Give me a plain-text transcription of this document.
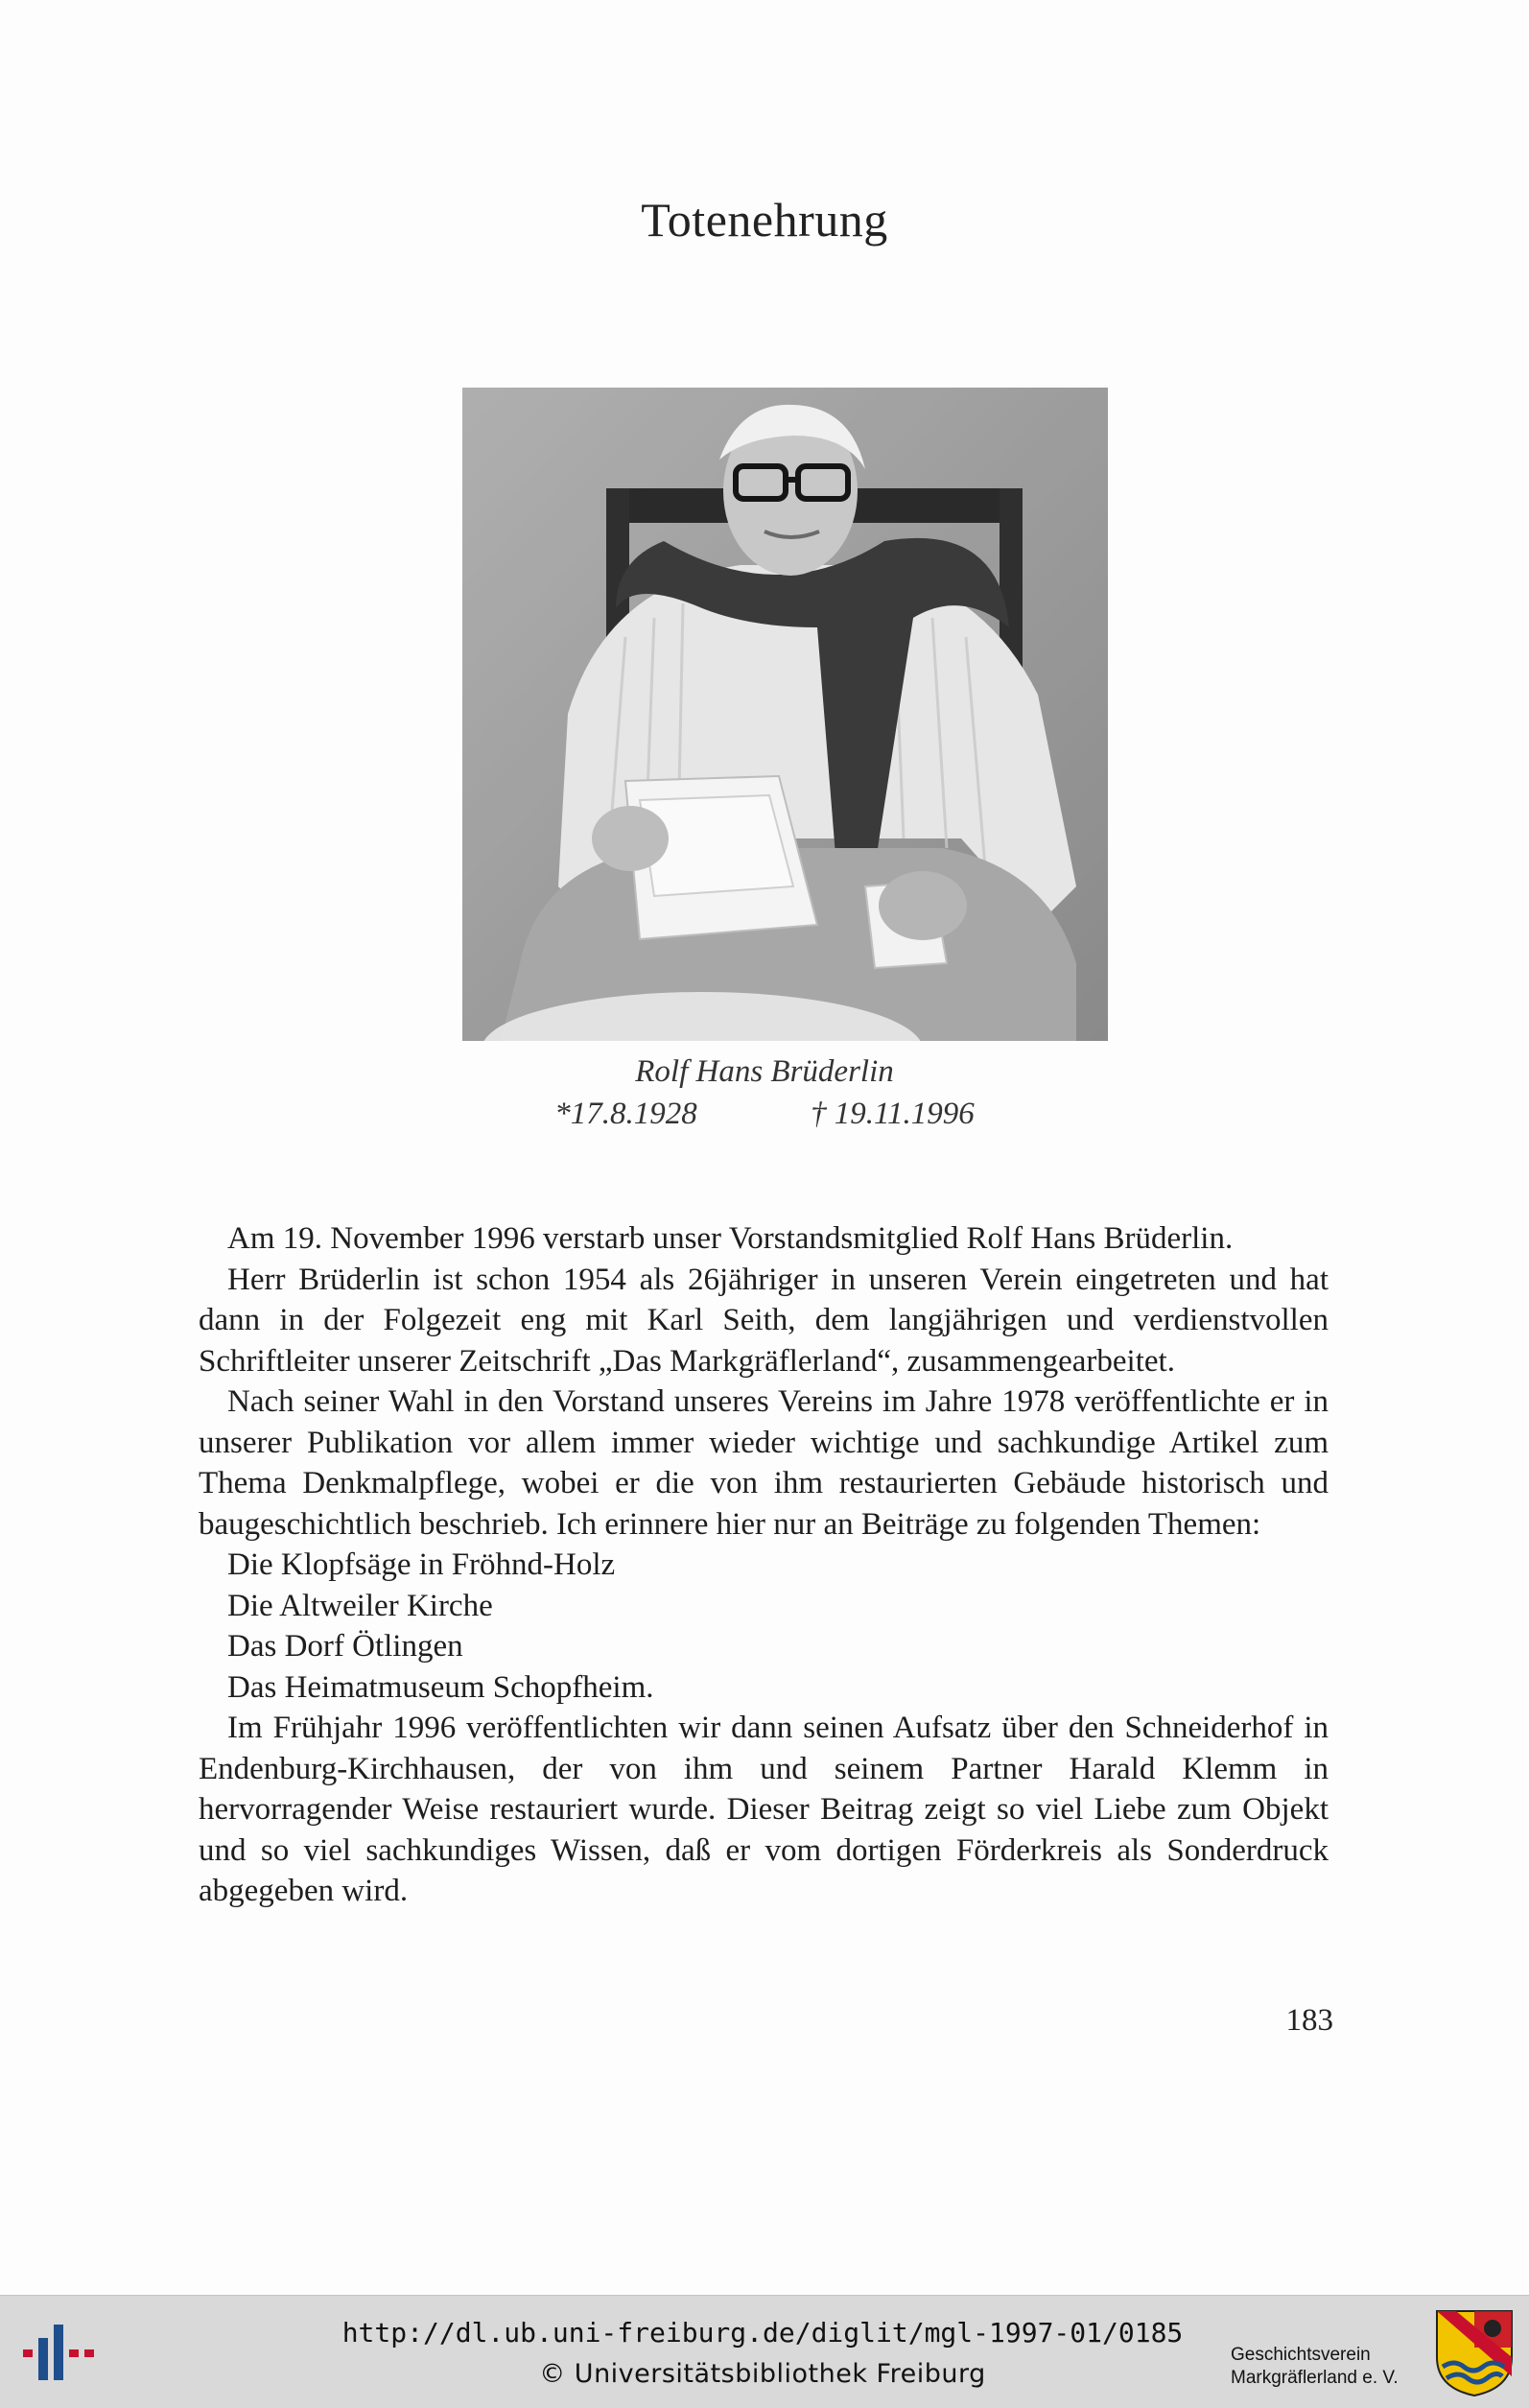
Totenehrung
Rolf Hans Brüderlin
*17.8.1928	† 19.11.1996

Am 19. November 1996 verstarb unser Vorstandsmitglied Rolf Hans Brüderlin.

Herr Brüderlin ist schon 1954 als 26jähriger in unseren Verein eingetreten und hat dann in der Folgezeit eng mit Karl Seith, dem langjährigen und verdienstvollen Schriftleiter unserer Zeitschrift „Das Markgräflerland“, zusammengearbeitet.

Nach seiner Wahl in den Vorstand unseres Vereins im Jahre 1978 veröffentlichte er in unserer Publikation vor allem immer wieder wichtige und sachkundige Artikel zum Thema Denkmalpflege, wobei er die von ihm restaurierten Gebäude historisch und baugeschichtlich beschrieb. Ich erinnere hier nur an Beiträge zu folgenden Themen:

Die Klopfsäge in Fröhnd-Holz

Die Altweiler Kirche

Das Dorf Ötlingen

Das Heimatmuseum Schopfheim.

Im Frühjahr 1996 veröffentlichten wir dann seinen Aufsatz über den Schneiderhof in Endenburg-Kirchhausen, der von ihm und seinem Partner Harald Klemm in hervorragender Weise restauriert wurde. Dieser Beitrag zeigt so viel Liebe zum Objekt und so viel sachkundiges Wissen, daß er vom dortigen Förderkreis als Sonderdruck abgegeben wird.

183
http://dl.ub.uni-freiburg.de/diglit/mgl-1997-01/0185
© Universitätsbibliothek Freiburg
Geschichtsverein
Markgräflerland e. V.
